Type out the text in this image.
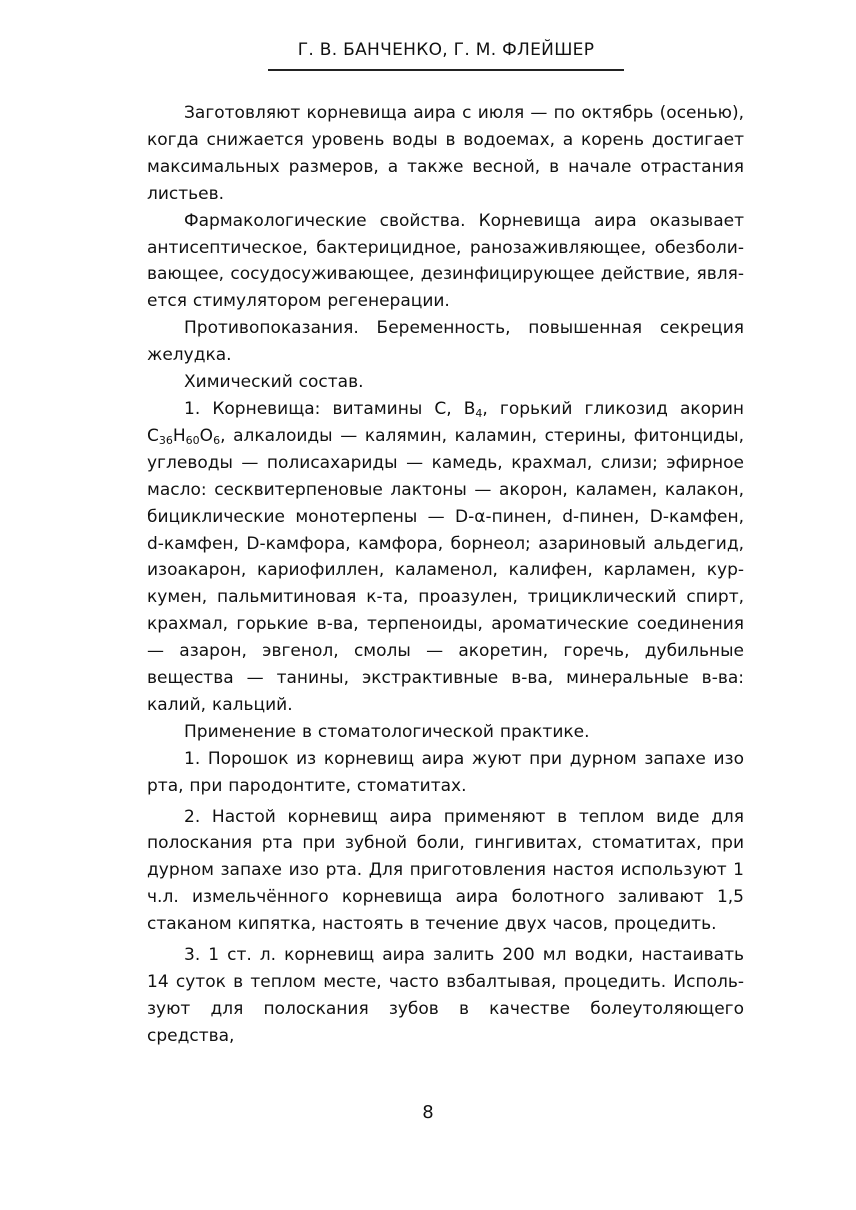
Г. В. БАНЧЕНКО, Г. М. ФЛЕЙШЕР

Заготовляют корневища аира с июля — по октябрь (осенью), когда снижается уровень воды в водоемах, а корень достигает максимальных размеров, а также весной, в начале отрастания листьев.

Фармакологические свойства. Корневища аира оказывает антисептическое, бактерицидное, ранозаживляющее, обезболивающее, сосудосуживающее, дезинфицирующее действие, является стимулятором регенерации.

Противопоказания. Беременность, повышенная секреция желудка.

Химический состав.

1. Корневища: витамины С, $В_4$, горький гликозид акорин $С_{36}Н_{60}О_6$, алкалоиды — калямин, каламин, стерины, фитонциды, углеводы — полисахариды — камедь, крахмал, слизи; эфирное масло: сесквитерпеновые лактоны — акорон, каламен, калакон, бициклические монотерпены — D-α-пинен, d-пинен, D-камфен, d-камфен, D-камфора, камфора, борнеол; азариновый альдегид, изоакарон, кариофиллен, каламенол, калифен, карламен, куркумен, пальмитиновая к-та, проазулен, трициклический спирт, крахмал, горькие в-ва, терпеноиды, ароматические соединения — азарон, эвгенол, смолы — акоретин, горечь, дубильные вещества — танины, экстрактивные в-ва, минеральные в-ва: калий, кальций.

Применение в стоматологической практике.

1. Порошок из корневищ аира жуют при дурном запахе изо рта, при пародонтите, стоматитах.

2. Настой корневищ аира применяют в теплом виде для полоскания рта при зубной боли, гингивитах, стоматитах, при дурном запахе изо рта. Для приготовления настоя используют 1 ч.л. измельчённого корневища аира болотного заливают 1,5 стаканом кипятка, настоять в течение двух часов, процедить.

3. 1 ст. л. корневищ аира залить 200 мл водки, настаивать 14 суток в теплом месте, часто взбалтывая, процедить. Используют для полоскания зубов в качестве болеутоляющего средства,

8
